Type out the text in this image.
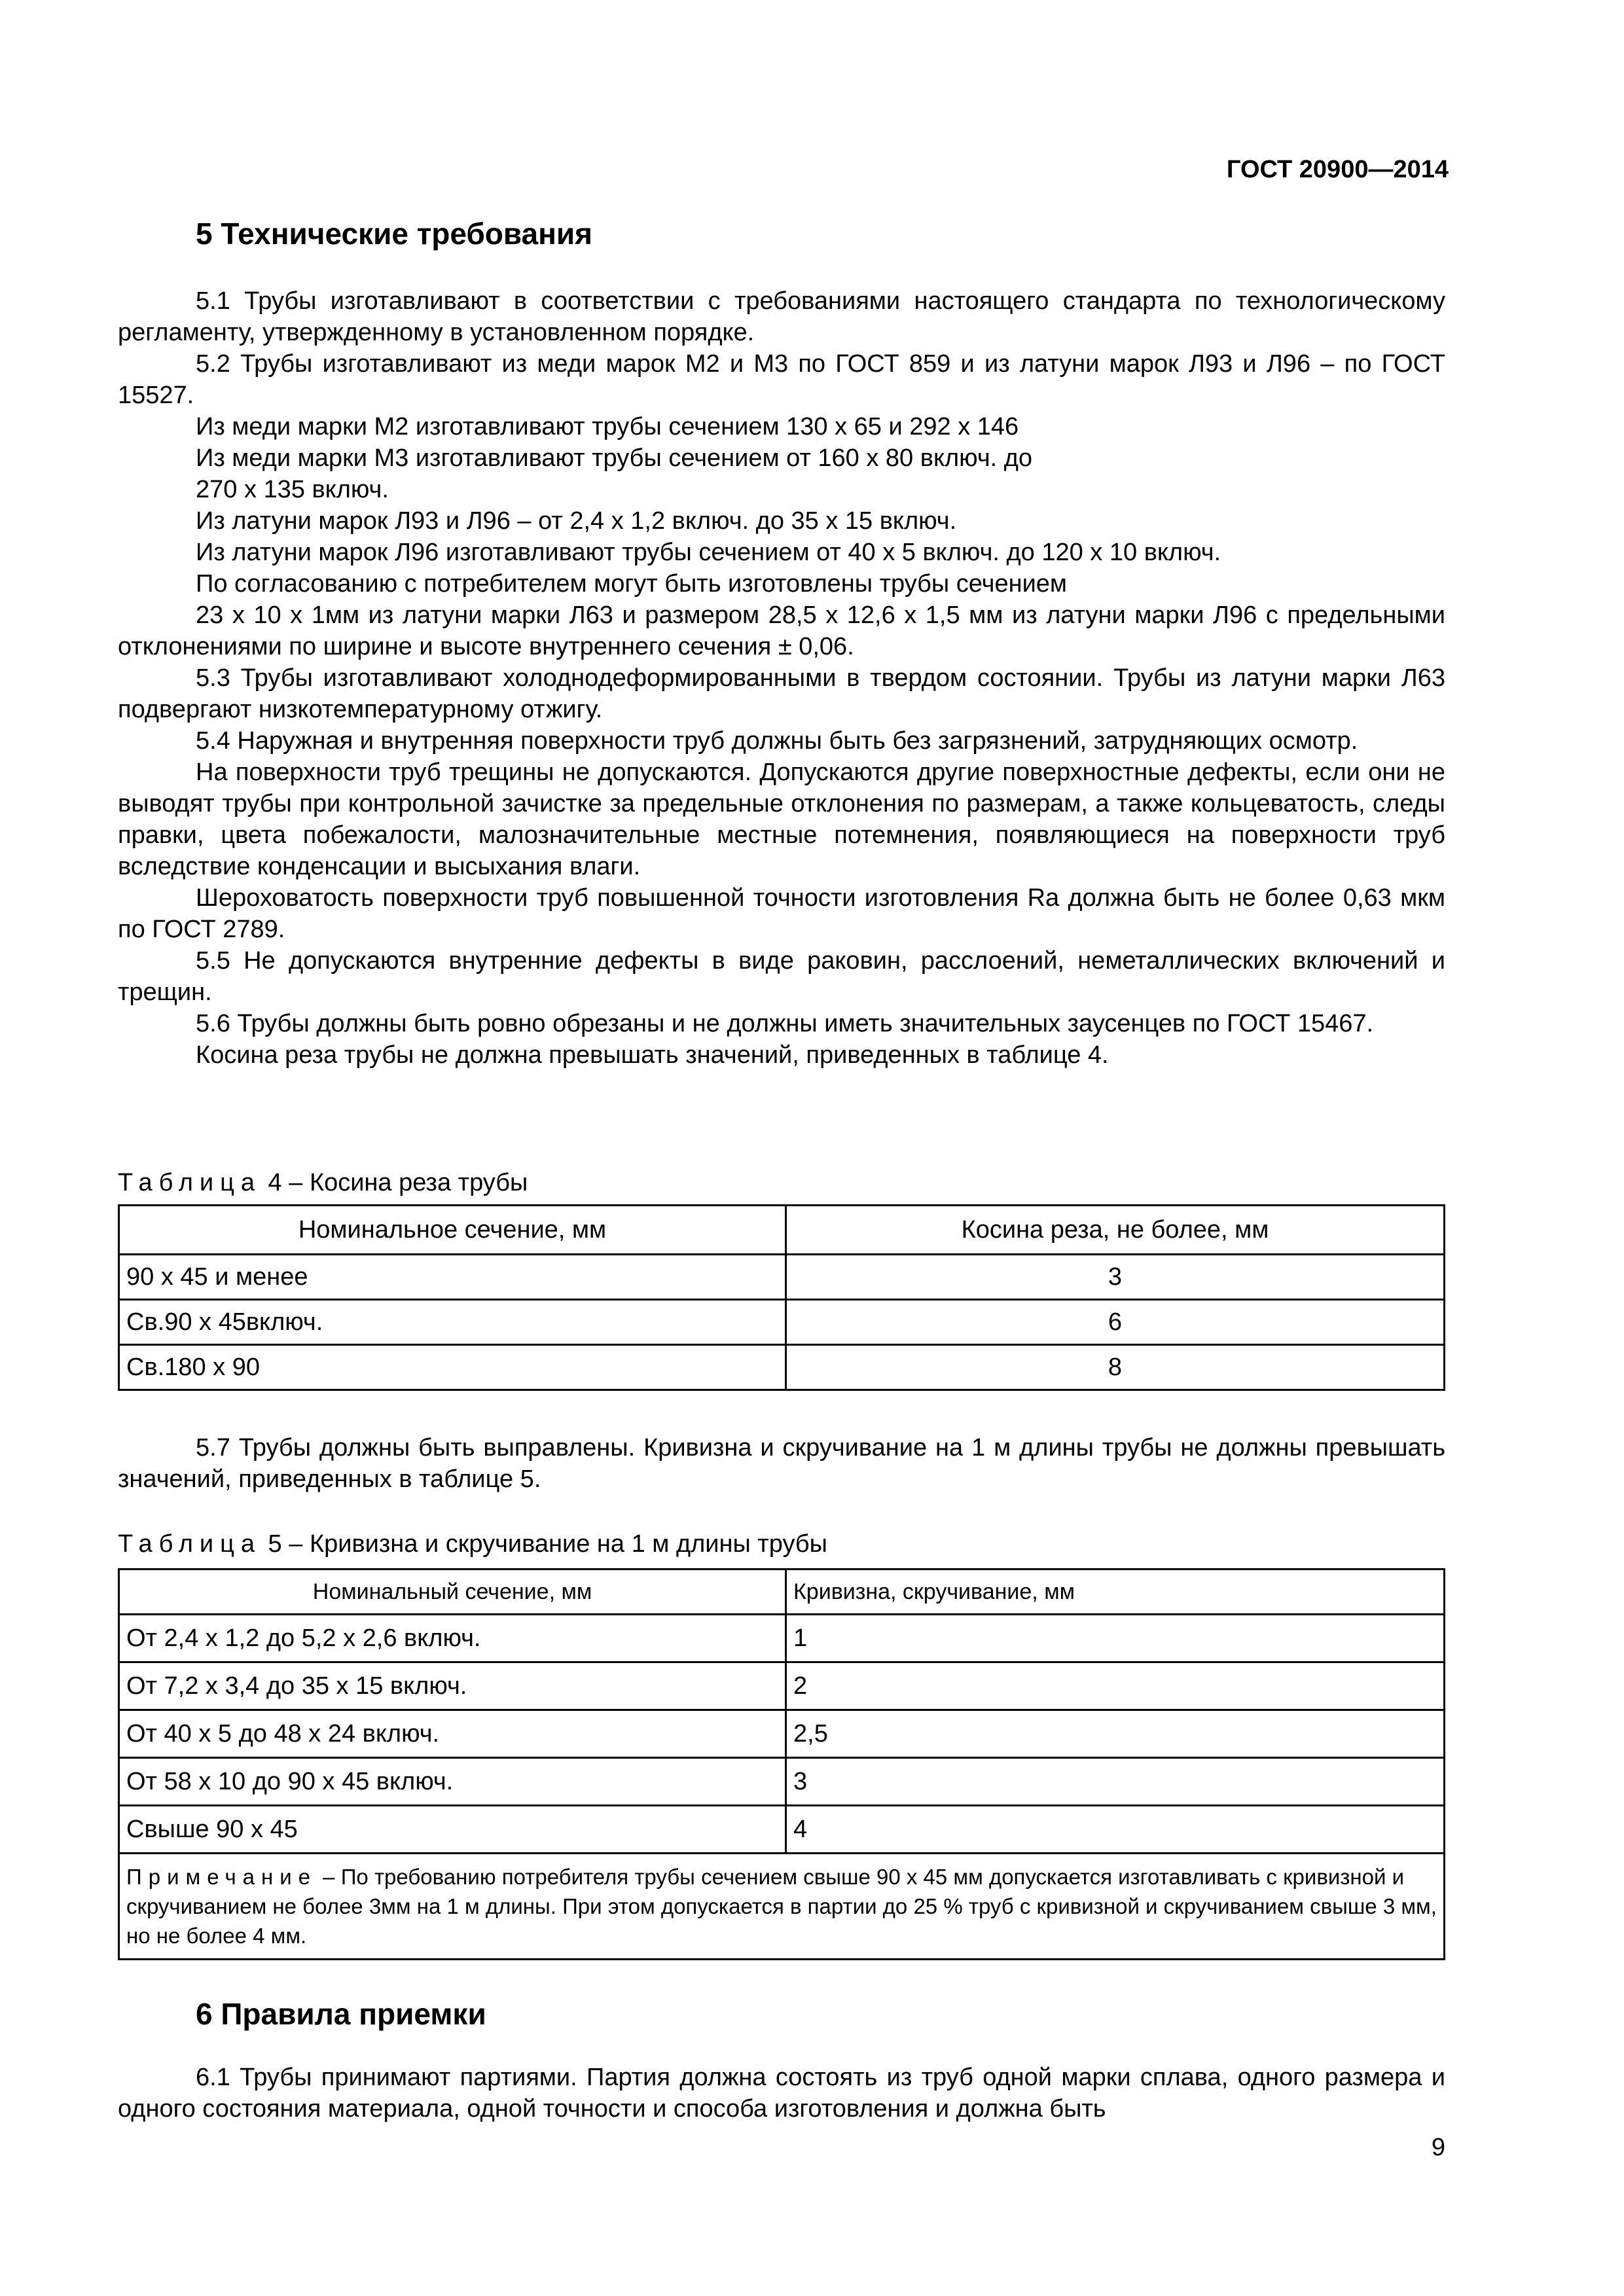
ГОСТ 20900—2014
5 Технические требования

5.1 Трубы изготавливают в соответствии с требованиями настоящего стандарта по технологическому регламенту, утвержденному в установленном порядке.

5.2 Трубы изготавливают из меди марок М2 и М3 по ГОСТ 859 и из латуни марок Л93 и Л96 – по ГОСТ 15527.

Из меди марки М2 изготавливают трубы сечением 130 х 65 и 292 х 146

Из меди марки М3 изготавливают трубы сечением от 160 х 80 включ. до

270 х 135 включ.

Из латуни марок Л93 и Л96 – от 2,4 х 1,2 включ. до 35 х 15 включ.

Из латуни марок Л96 изготавливают трубы сечением от 40 х 5 включ. до 120 х 10 включ.

По согласованию с потребителем могут быть изготовлены трубы сечением

23 х 10 х 1мм из латуни марки Л63 и размером 28,5 х 12,6 х 1,5 мм из латуни марки Л96 с предельными отклонениями по ширине и высоте внутреннего сечения ± 0,06.

5.3 Трубы изготавливают холоднодеформированными в твердом состоянии. Трубы из латуни марки Л63 подвергают низкотемпературному отжигу.

5.4 Наружная и внутренняя поверхности труб должны быть без загрязнений, затрудняющих осмотр.

На поверхности труб трещины не допускаются. Допускаются другие поверхностные дефекты, если они не выводят трубы при контрольной зачистке за предельные отклонения по размерам, а также кольцеватость, следы правки, цвета побежалости, малозначительные местные потемнения, появляющиеся на поверхности труб вследствие конденсации и высыхания влаги.

Шероховатость поверхности труб повышенной точности изготовления Ra должна быть не более 0,63 мкм по ГОСТ 2789.

5.5 Не допускаются внутренние дефекты в виде раковин, расслоений, неметаллических включений и трещин.

5.6 Трубы должны быть ровно обрезаны и не должны иметь значительных заусенцев по ГОСТ 15467.

Косина реза трубы не должна превышать значений, приведенных в таблице 4.

Таблица 4 – Косина реза трубы
Номинальное сечение, мм	Косина реза, не более, мм
90 х 45 и менее	3
Св.90 х 45включ.	6
Св.180 х 90	8

5.7 Трубы должны быть выправлены. Кривизна и скручивание на 1 м длины трубы не должны превышать значений, приведенных в таблице 5.

Таблица 5 – Кривизна и скручивание на 1 м длины трубы
Номинальный сечение, мм	Кривизна, скручивание, мм
От 2,4 х 1,2 до 5,2 х 2,6 включ.	1
От 7,2 х 3,4 до 35 х 15 включ.	2
От 40 х 5 до 48 х 24 включ.	2,5
От 58 х 10 до 90 х 45 включ.	3
Свыше 90 х 45	4
Примечание – По требованию потребителя трубы сечением свыше 90 х 45 мм допускается изготавливать с кривизной и скручиванием не более 3мм на 1 м длины. При этом допускается в партии до 25 % труб с кривизной и скручиванием свыше 3 мм, но не более 4 мм.	
6 Правила приемки

6.1 Трубы принимают партиями. Партия должна состоять из труб одной марки сплава, одного размера и одного состояния материала, одной точности и способа изготовления и должна быть

9
